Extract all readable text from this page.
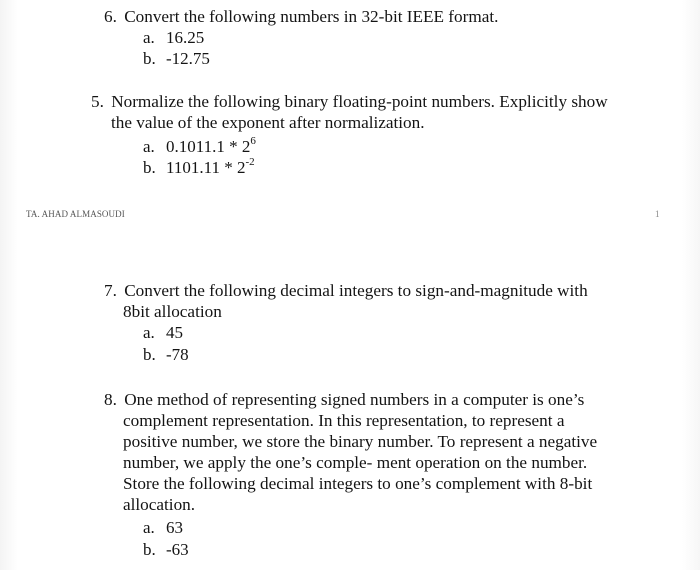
6. Convert the following numbers in 32-bit IEEE format.
a. 16.25
b. -12.75
5. Normalize the following binary floating-point numbers. Explicitly show
the value of the exponent after normalization.
a. $0.1011.1 * 2^6$
b. $1101.11 * 2^{-2}$
TA. AHAD ALMASOUDI	1
7. Convert the following decimal integers to sign-and-magnitude with
8bit allocation
a. 45
b. -78
8. One method of representing signed numbers in a computer is one’s
complement representation. In this representation, to represent a
positive number, we store the binary number. To represent a negative
number, we apply the one’s comple- ment operation on the number.
Store the following decimal integers to one’s complement with 8-bit
allocation.
a. 63
b. -63
